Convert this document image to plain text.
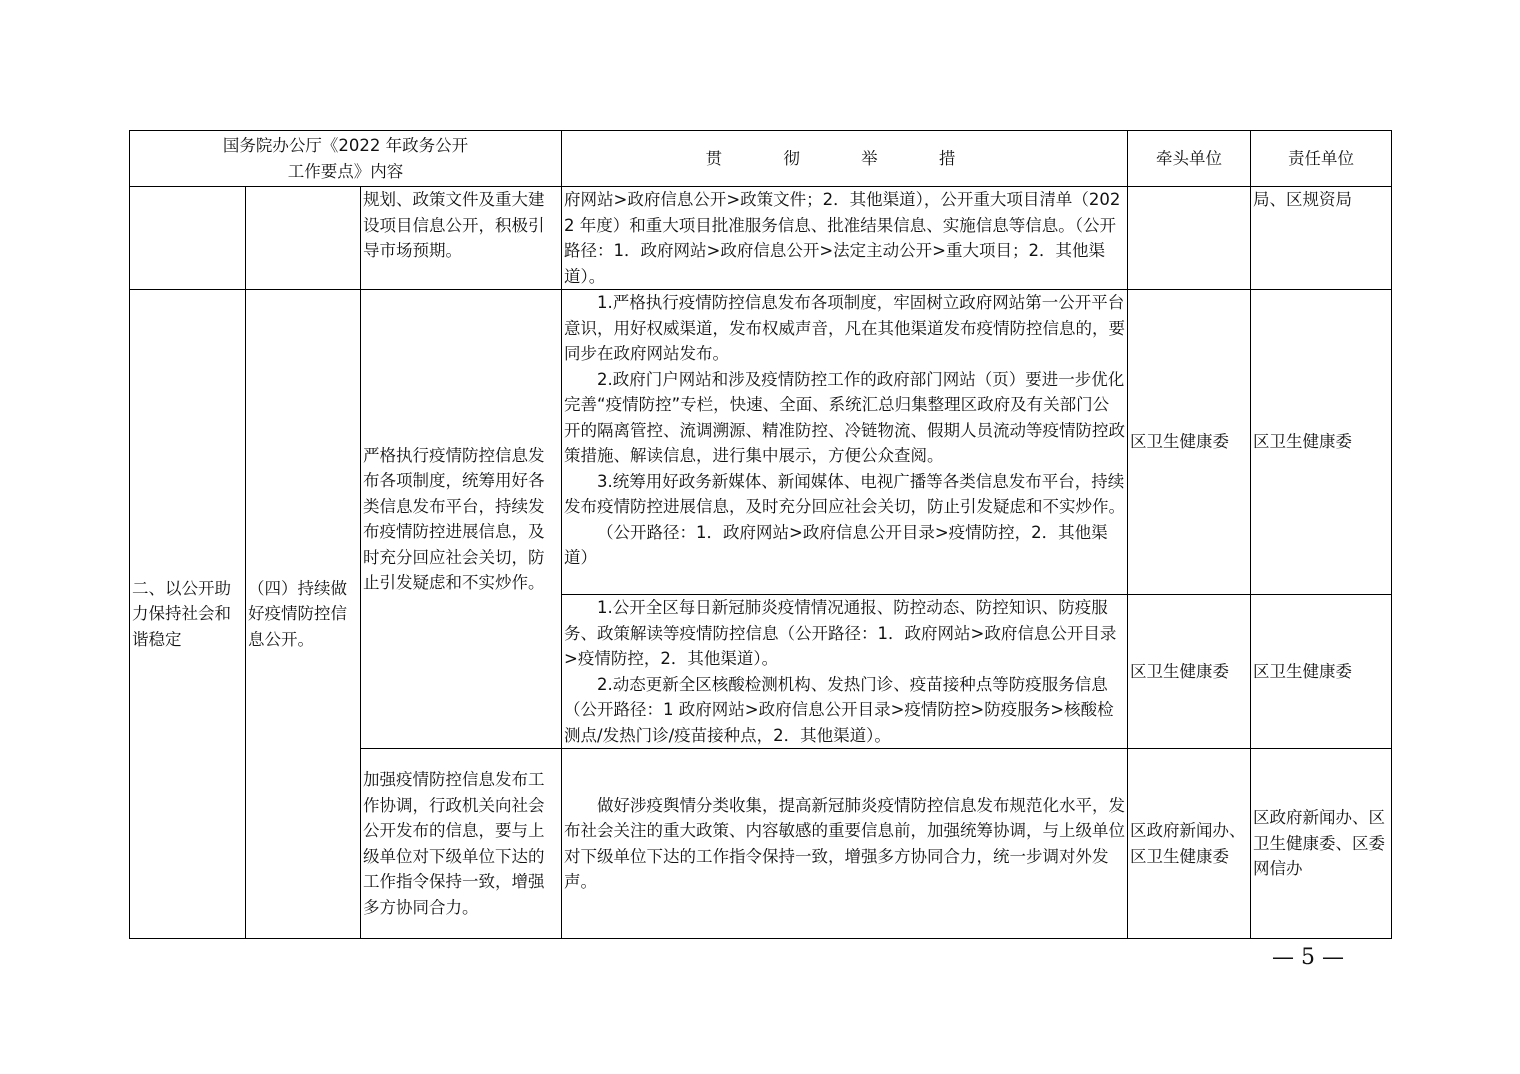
国务院办公厅《2022 年政务公开
工作要点》内容			贯 彻 举 措	牵头单位	责任单位
		规划、政策文件及重大建设项目信息公开，积极引导市场预期。	府网站>政府信息公开>政策文件；2．其他渠道），公开重大项目清单（2022 年度）和重大项目批准服务信息、批准结果信息、实施信息等信息。（公开路径：1．政府网站>政府信息公开>法定主动公开>重大项目；2．其他渠道）。		局、区规资局
二、以公开助力保持社会和谐稳定	（四）持续做好疫情防控信息公开。	严格执行疫情防控信息发布各项制度，统筹用好各类信息发布平台，持续发布疫情防控进展信息，及时充分回应社会关切，防止引发疑虑和不实炒作。	1.严格执行疫情防控信息发布各项制度，牢固树立政府网站第一公开平台意识，用好权威渠道，发布权威声音，凡在其他渠道发布疫情防控信息的，要同步在政府网站发布。

2.政府门户网站和涉及疫情防控工作的政府部门网站（页）要进一步优化完善“疫情防控”专栏，快速、全面、系统汇总归集整理区政府及有关部门公开的隔离管控、流调溯源、精准防控、冷链物流、假期人员流动等疫情防控政策措施、解读信息，进行集中展示，方便公众查阅。

3.统筹用好政务新媒体、新闻媒体、电视广播等各类信息发布平台，持续发布疫情防控进展信息，及时充分回应社会关切，防止引发疑虑和不实炒作。

（公开路径：1．政府网站>政府信息公开目录>疫情防控，2．其他渠道）	区卫生健康委	区卫生健康委

			1.公开全区每日新冠肺炎疫情情况通报、防控动态、防控知识、防疫服务、政策解读等疫情防控信息（公开路径：1．政府网站>政府信息公开目录>疫情防控，2．其他渠道）。

2.动态更新全区核酸检测机构、发热门诊、疫苗接种点等防疫服务信息（公开路径：1 政府网站>政府信息公开目录>疫情防控>防疫服务>核酸检测点/发热门诊/疫苗接种点，2．其他渠道）。	区卫生健康委	区卫生健康委
		加强疫情防控信息发布工作协调，行政机关向社会公开发布的信息，要与上级单位对下级单位下达的工作指令保持一致，增强多方协同合力。	做好涉疫舆情分类收集，提高新冠肺炎疫情防控信息发布规范化水平，发布社会关注的重大政策、内容敏感的重要信息前，加强统筹协调，与上级单位对下级单位下达的工作指令保持一致，增强多方协同合力，统一步调对外发声。	区政府新闻办、区卫生健康委	区政府新闻办、区卫生健康委、区委网信办
— 5 —
